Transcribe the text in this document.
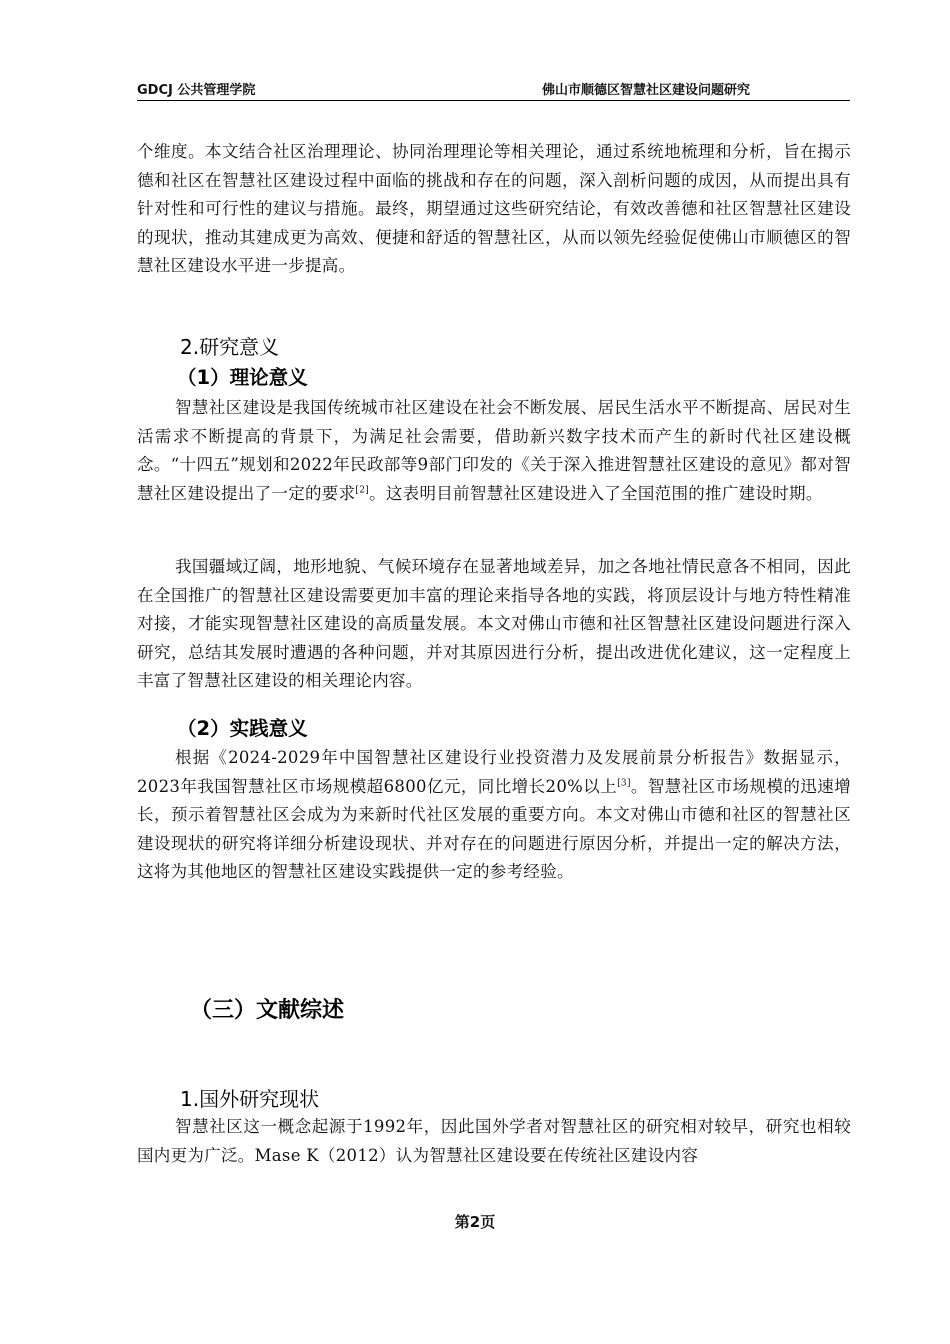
GDCJ 公共管理学院	佛山市顺德区智慧社区建设问题研究
个维度。本文结合社区治理理论、协同治理理论等相关理论，通过系统地梳理和分析，旨在揭示德和社区在智慧社区建设过程中面临的挑战和存在的问题，深入剖析问题的成因，从而提出具有针对性和可行性的建议与措施。最终，期望通过这些研究结论，有效改善德和社区智慧社区建设的现状，推动其建成更为高效、便捷和舒适的智慧社区，从而以领先经验促使佛山市顺德区的智慧社区建设水平进一步提高。
2.研究意义
（1）理论意义
智慧社区建设是我国传统城市社区建设在社会不断发展、居民生活水平不断提高、居民对生活需求不断提高的背景下，为满足社会需要，借助新兴数字技术而产生的新时代社区建设概念。“十四五”规划和2022年民政部等9部门印发的《关于深入推进智慧社区建设的意见》都对智慧社区建设提出了一定的要求[2]。这表明目前智慧社区建设进入了全国范围的推广建设时期。
我国疆域辽阔，地形地貌、气候环境存在显著地域差异，加之各地社情民意各不相同，因此在全国推广的智慧社区建设需要更加丰富的理论来指导各地的实践，将顶层设计与地方特性精准对接，才能实现智慧社区建设的高质量发展。本文对佛山市德和社区智慧社区建设问题进行深入研究，总结其发展时遭遇的各种问题，并对其原因进行分析，提出改进优化建议，这一定程度上丰富了智慧社区建设的相关理论内容。
（2）实践意义
根据《2024-2029年中国智慧社区建设行业投资潜力及发展前景分析报告》数据显示，2023年我国智慧社区市场规模超6800亿元，同比增长20%以上[3]。智慧社区市场规模的迅速增长，预示着智慧社区会成为为来新时代社区发展的重要方向。本文对佛山市德和社区的智慧社区建设现状的研究将详细分析建设现状、并对存在的问题进行原因分析，并提出一定的解决方法，这将为其他地区的智慧社区建设实践提供一定的参考经验。
（三）文献综述
1.国外研究现状
智慧社区这一概念起源于1992年，因此国外学者对智慧社区的研究相对较早，研究也相较国内更为广泛。Mase K（2012）认为智慧社区建设要在传统社区建设内容
第2页
